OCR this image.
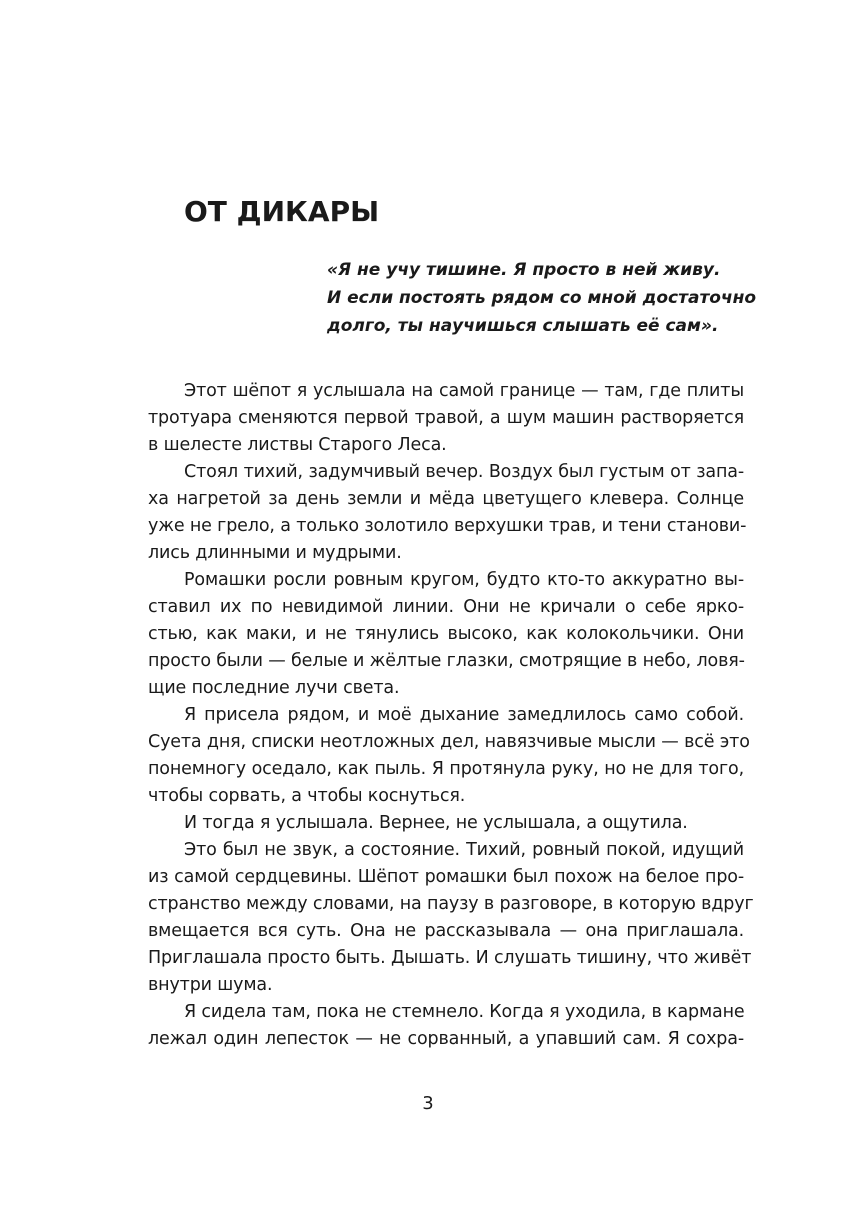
ОТ ДИКАРЫ
«Я не учу тишине. Я просто в ней живу.
И если постоять рядом со мной достаточно
долго, ты научишься слышать её сам».

Этот шёпот я услышала на самой границе — там, где плиты
тротуара сменяются первой травой, а шум машин растворяется
в шелесте листвы Старого Леса.

Стоял тихий, задумчивый вечер. Воздух был густым от запа-
ха нагретой за день земли и мёда цветущего клевера. Солнце
уже не грело, а только золотило верхушки трав, и тени станови-
лись длинными и мудрыми.

Ромашки росли ровным кругом, будто кто-то аккуратно вы-
ставил их по невидимой линии. Они не кричали о себе ярко-
стью, как маки, и не тянулись высоко, как колокольчики. Они
просто были — белые и жёлтые глазки, смотрящие в небо, ловя-
щие последние лучи света.

Я присела рядом, и моё дыхание замедлилось само собой.
Суета дня, списки неотложных дел, навязчивые мысли — всё это
понемногу оседало, как пыль. Я протянула руку, но не для того,
чтобы сорвать, а чтобы коснуться.

И тогда я услышала. Вернее, не услышала, а ощутила.

Это был не звук, а состояние. Тихий, ровный покой, идущий
из самой сердцевины. Шёпот ромашки был похож на белое про-
странство между словами, на паузу в разговоре, в которую вдруг
вмещается вся суть. Она не рассказывала — она приглашала.
Приглашала просто быть. Дышать. И слушать тишину, что живёт
внутри шума.

Я сидела там, пока не стемнело. Когда я уходила, в кармане
лежал один лепесток — не сорванный, а упавший сам. Я сохра-

3
